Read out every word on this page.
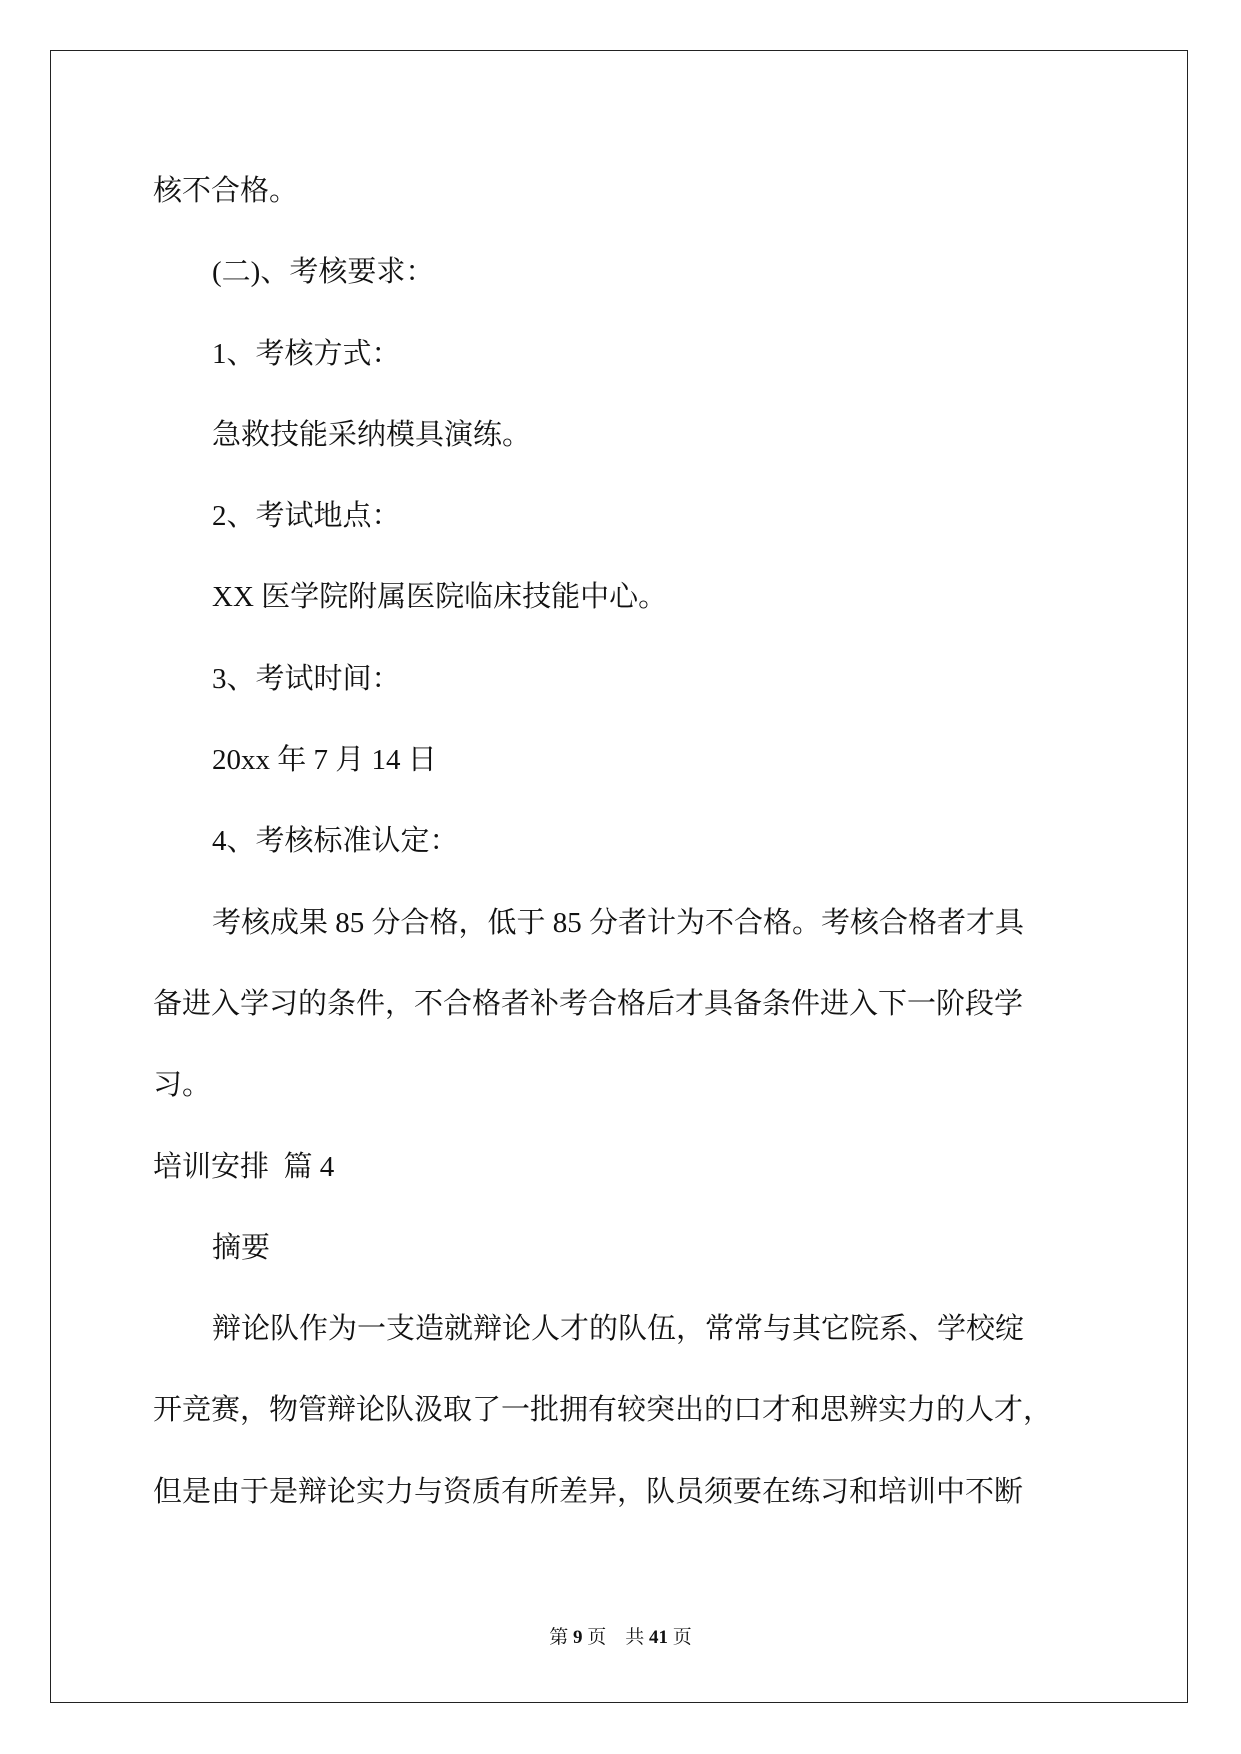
核不合格。
(二)、考核要求：
1、考核方式：
急救技能采纳模具演练。
2、考试地点：
XX 医学院附属医院临床技能中心。
3、考试时间：
20xx 年 7 月 14 日
4、考核标准认定：
考核成果 85 分合格，低于 85 分者计为不合格。考核合格者才具
备进入学习的条件，不合格者补考合格后才具备条件进入下一阶段学
习。
培训安排  篇 4
摘要
辩论队作为一支造就辩论人才的队伍，常常与其它院系、学校绽
开竞赛，物管辩论队汲取了一批拥有较突出的口才和思辨实力的人才，
但是由于是辩论实力与资质有所差异，队员须要在练习和培训中不断
第 9 页　 共 41 页
